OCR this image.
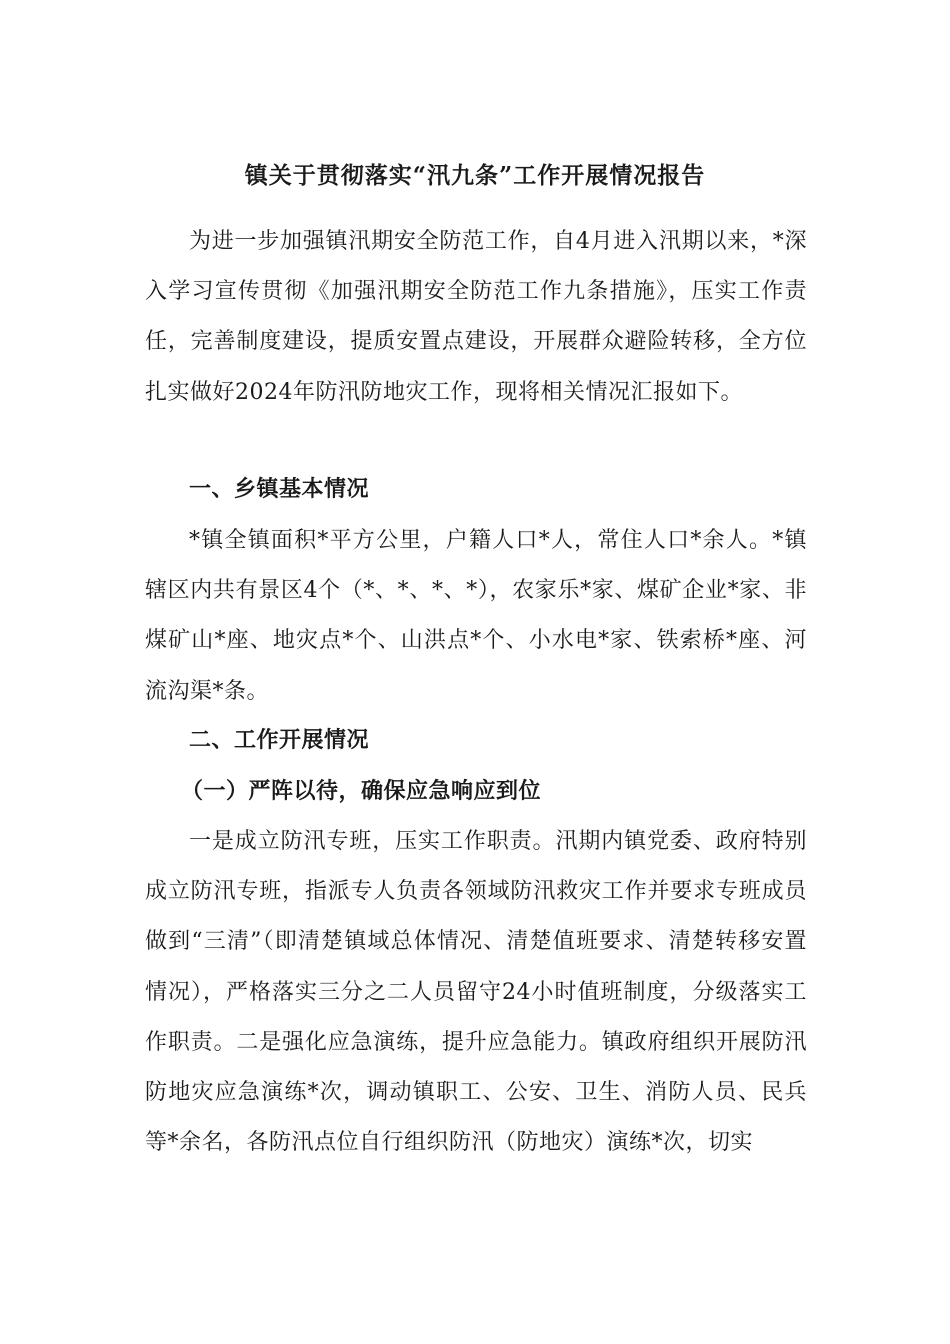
镇关于贯彻落实“汛九条”工作开展情况报告
为进一步加强镇汛期安全防范工作，自4月进入汛期以来，*深入学习宣传贯彻《加强汛期安全防范工作九条措施》，压实工作责任，完善制度建设，提质安置点建设，开展群众避险转移，全方位扎实做好2024年防汛防地灾工作，现将相关情况汇报如下。
一、乡镇基本情况
*镇全镇面积*平方公里，户籍人口*人，常住人口*余人。*镇辖区内共有景区4个（*、*、*、*），农家乐*家、煤矿企业*家、非煤矿山*座、地灾点*个、山洪点*个、小水电*家、铁索桥*座、河流沟渠*条。
二、工作开展情况
（一）严阵以待，确保应急响应到位
一是成立防汛专班，压实工作职责。汛期内镇党委、政府特别成立防汛专班，指派专人负责各领域防汛救灾工作并要求专班成员做到“三清”（即清楚镇域总体情况、清楚值班要求、清楚转移安置情况），严格落实三分之二人员留守24小时值班制度，分级落实工作职责。二是强化应急演练，提升应急能力。镇政府组织开展防汛防地灾应急演练*次，调动镇职工、公安、卫生、消防人员、民兵等*余名，各防汛点位自行组织防汛（防地灾）演练*次，切实
